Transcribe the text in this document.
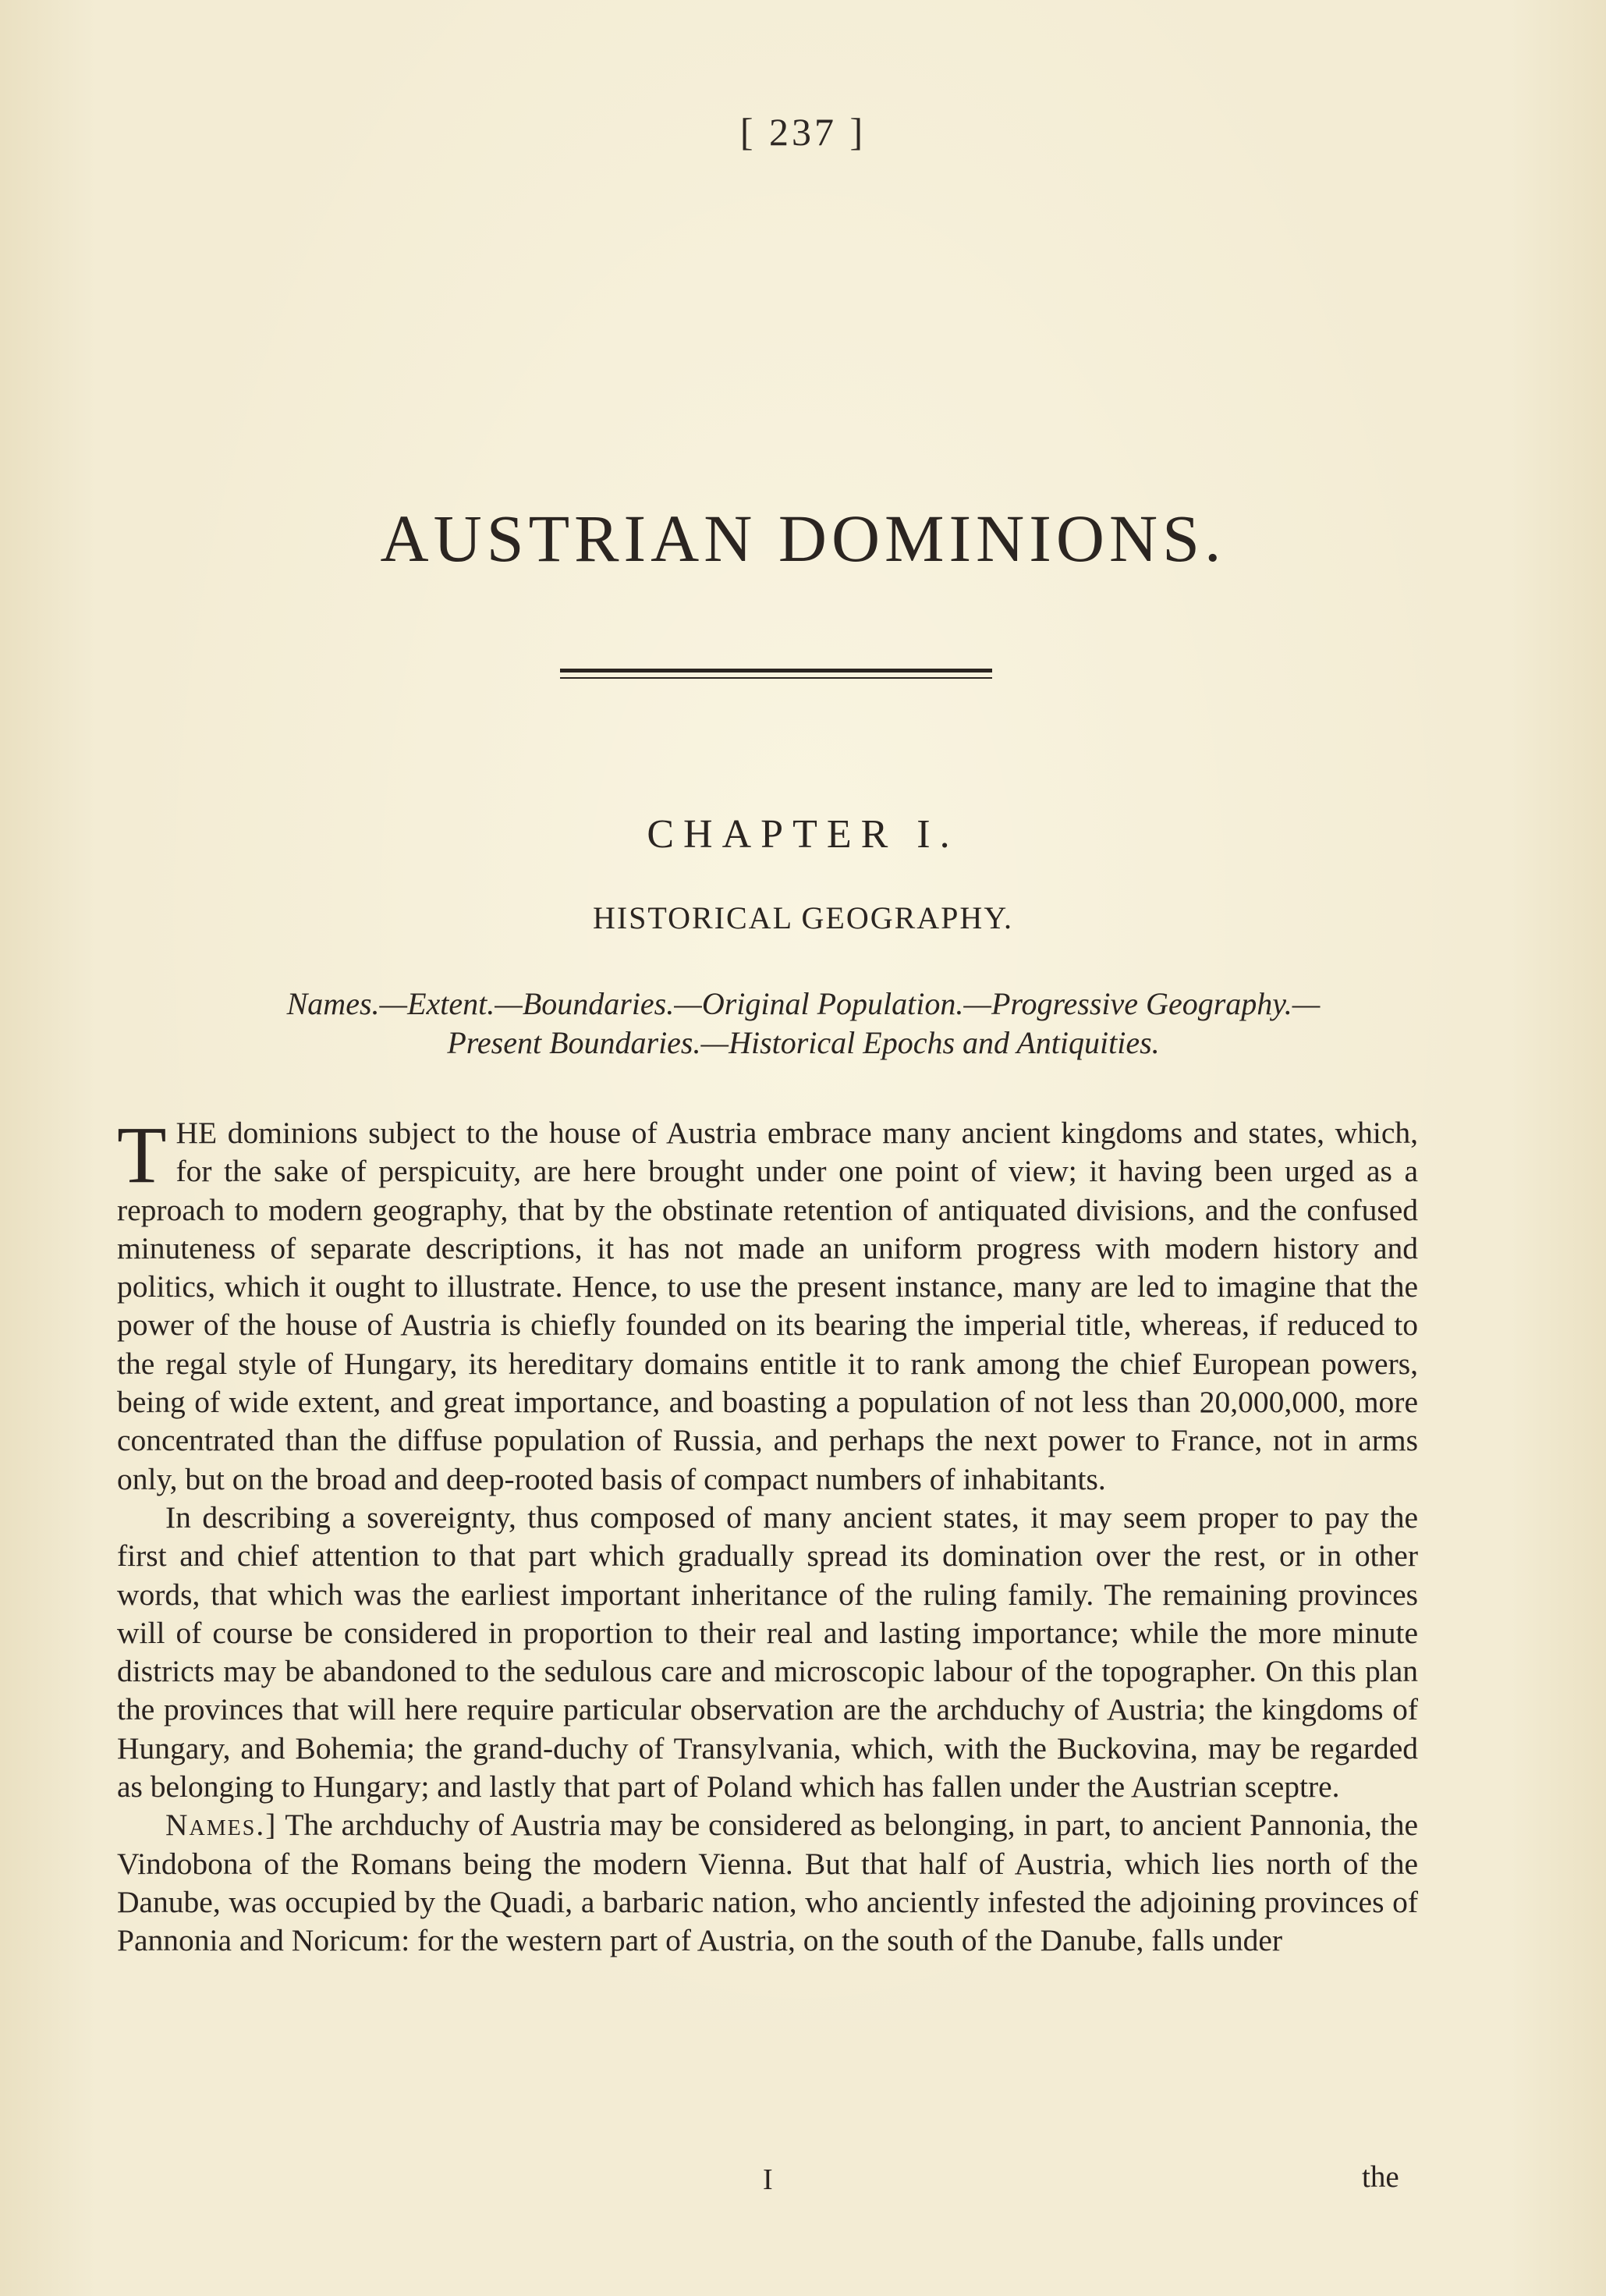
[ 237 ]
AUSTRIAN DOMINIONS.
CHAPTER I.
HISTORICAL GEOGRAPHY.
Names.—Extent.—Boundaries.—Original Population.—Progressive Geography.—
Present Boundaries.—Historical Epochs and Antiquities.

THE dominions subject to the house of Austria embrace many ancient kingdoms and states, which, for the sake of perspicuity, are here brought under one point of view; it having been urged as a reproach to modern geography, that by the obstinate retention of antiquated divisions, and the confused minuteness of separate descriptions, it has not made an uniform progress with modern history and politics, which it ought to illustrate. Hence, to use the present instance, many are led to imagine that the power of the house of Austria is chiefly founded on its bearing the imperial title, whereas, if reduced to the regal style of Hungary, its hereditary domains entitle it to rank among the chief European powers, being of wide extent, and great importance, and boasting a population of not less than 20,000,000, more concentrated than the diffuse population of Russia, and perhaps the next power to France, not in arms only, but on the broad and deep-rooted basis of compact numbers of inhabitants.

In describing a sovereignty, thus composed of many ancient states, it may seem proper to pay the first and chief attention to that part which gradually spread its domination over the rest, or in other words, that which was the earliest important inheritance of the ruling family. The remaining provinces will of course be considered in proportion to their real and lasting importance; while the more minute districts may be abandoned to the sedulous care and microscopic labour of the topographer. On this plan the provinces that will here require particular observation are the archduchy of Austria; the kingdoms of Hungary, and Bohemia; the grand-duchy of Transylvania, which, with the Buckovina, may be regarded as belonging to Hungary; and lastly that part of Poland which has fallen under the Austrian sceptre.

Names.] The archduchy of Austria may be considered as belonging, in part, to ancient Pannonia, the Vindobona of the Romans being the modern Vienna. But that half of Austria, which lies north of the Danube, was occupied by the Quadi, a barbaric nation, who anciently infested the adjoining provinces of Pannonia and Noricum: for the western part of Austria, on the south of the Danube, falls under

I	the
